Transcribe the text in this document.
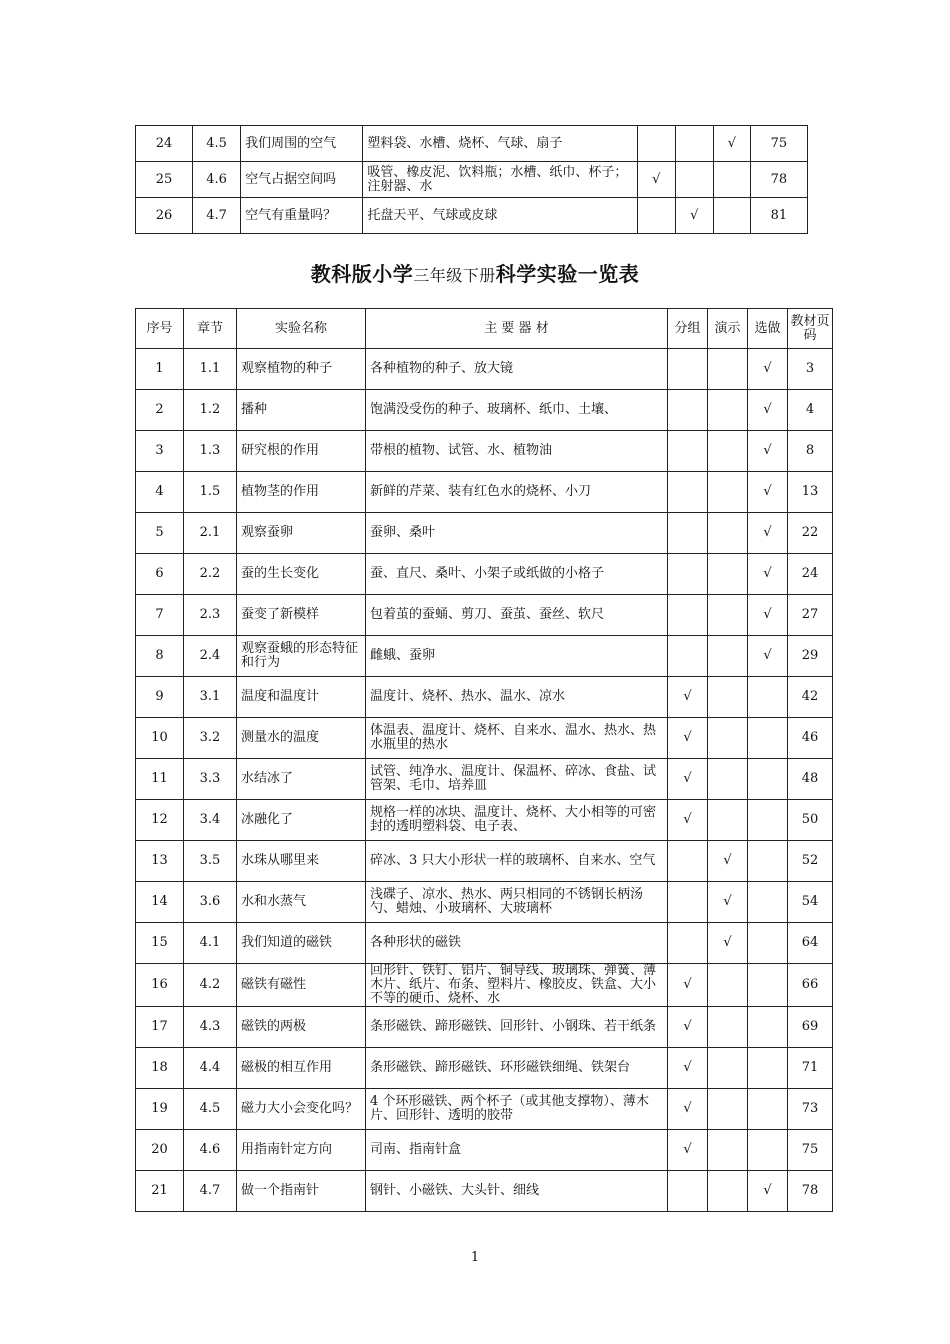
24	4.5	我们周围的空气	塑料袋、水槽、烧杯、气球、扇子			√	75
25	4.6	空气占据空间吗	吸管、橡皮泥、饮料瓶；水槽、纸巾、杯子；注射器、水	√			78
26	4.7	空气有重量吗？	托盘天平、气球或皮球		√		81
教科版小学三年级下册科学实验一览表
序号	章节	实验名称	主 要 器 材	分组	演示	选做	教材页码
1	1.1	观察植物的种子	各种植物的种子、放大镜			√	3
2	1.2	播种	饱满没受伤的种子、玻璃杯、纸巾、土壤、			√	4
3	1.3	研究根的作用	带根的植物、试管、水、植物油			√	8
4	1.5	植物茎的作用	新鲜的芹菜、装有红色水的烧杯、小刀			√	13
5	2.1	观察蚕卵	蚕卵、桑叶			√	22
6	2.2	蚕的生长变化	蚕、直尺、桑叶、小架子或纸做的小格子			√	24
7	2.3	蚕变了新模样	包着茧的蚕蛹、剪刀、蚕茧、蚕丝、软尺			√	27
8	2.4	观察蚕蛾的形态特征和行为	雌蛾、蚕卵			√	29
9	3.1	温度和温度计	温度计、烧杯、热水、温水、凉水	√			42
10	3.2	测量水的温度	体温表、温度计、烧杯、自来水、温水、热水、热水瓶里的热水	√			46
11	3.3	水结冰了	试管、纯净水、温度计、保温杯、碎冰、食盐、试管架、毛巾、培养皿	√			48
12	3.4	冰融化了	规格一样的冰块、温度计、烧杯、大小相等的可密封的透明塑料袋、电子表、	√			50
13	3.5	水珠从哪里来	碎冰、3 只大小形状一样的玻璃杯、自来水、空气		√		52
14	3.6	水和水蒸气	浅碟子、凉水、热水、两只相同的不锈钢长柄汤勺、蜡烛、小玻璃杯、大玻璃杯		√		54
15	4.1	我们知道的磁铁	各种形状的磁铁		√		64
16	4.2	磁铁有磁性	回形针、铁钉、铝片、铜导线、玻璃珠、弹簧、薄木片、纸片、布条、塑料片、橡胶皮、铁盒、大小不等的硬币、烧杯、水	√			66
17	4.3	磁铁的两极	条形磁铁、蹄形磁铁、回形针、小钢珠、若干纸条	√			69
18	4.4	磁极的相互作用	条形磁铁、蹄形磁铁、环形磁铁细绳、铁架台	√			71
19	4.5	磁力大小会变化吗？	4 个环形磁铁、两个杯子（或其他支撑物）、薄木片、回形针、透明的胶带	√			73
20	4.6	用指南针定方向	司南、指南针盒	√			75
21	4.7	做一个指南针	钢针、小磁铁、大头针、细线			√	78
1
